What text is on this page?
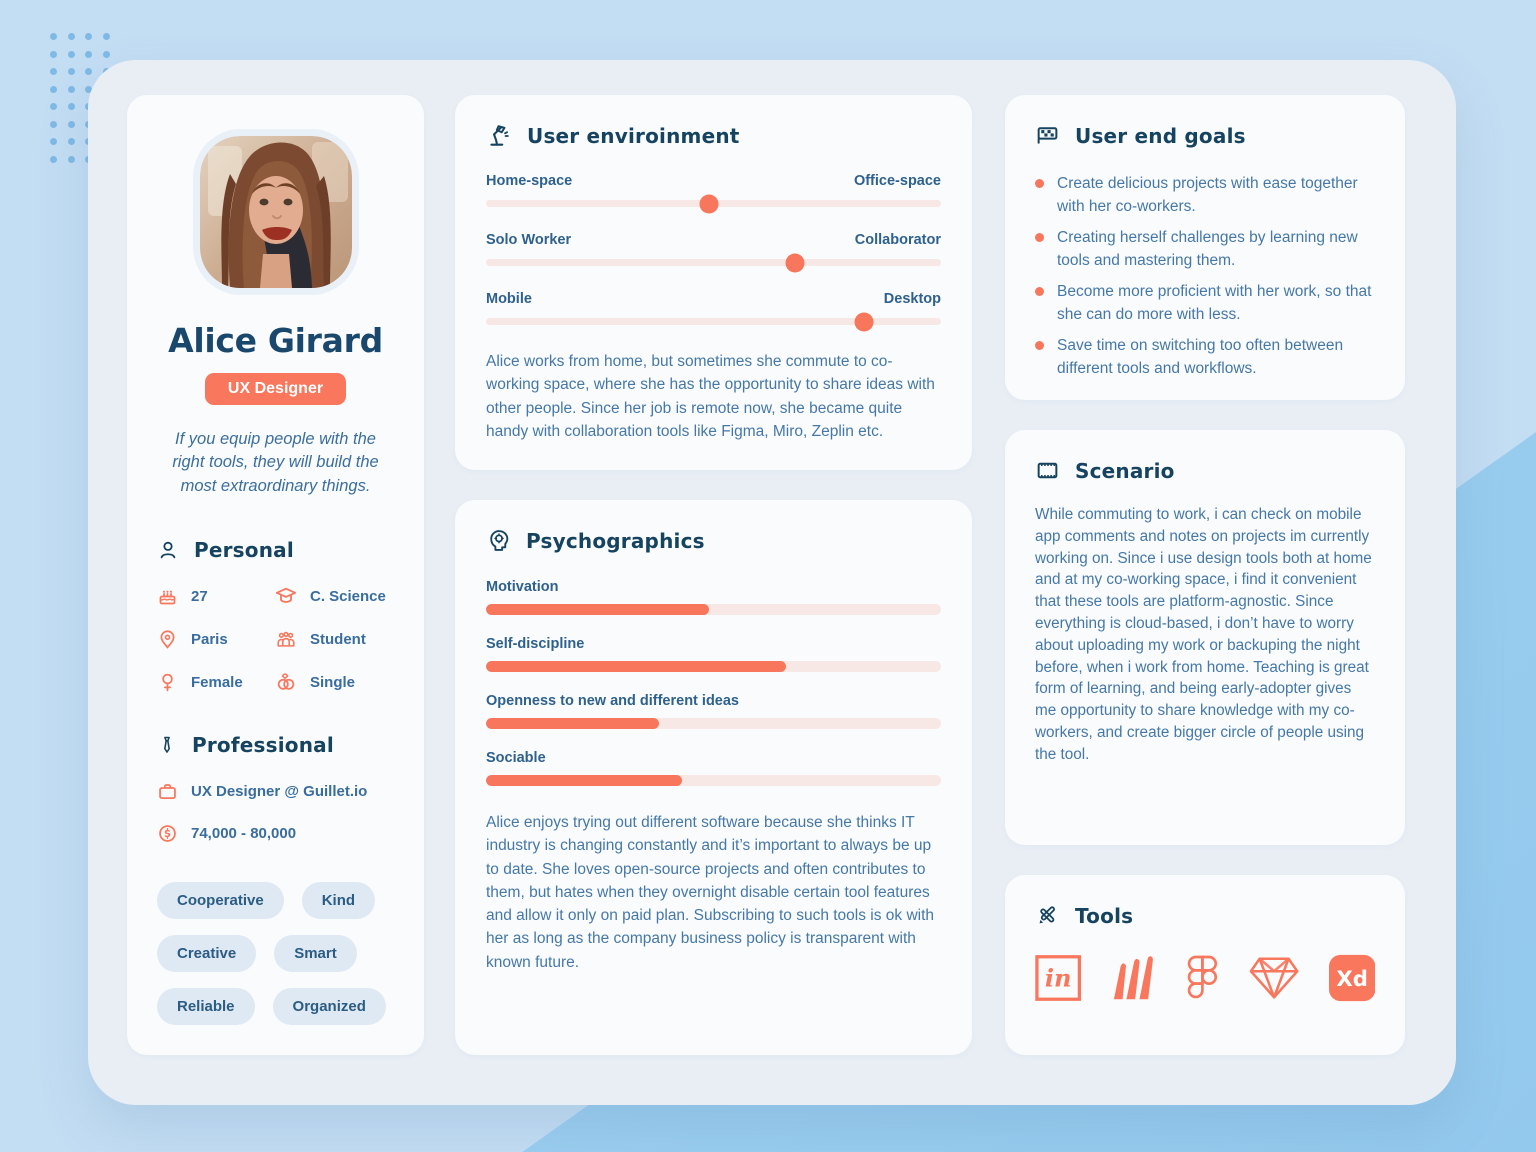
Alice Girard
UX Designer
If you equip people with the right tools, they will build the most extraordinary things.
Personal
27	C. Science
Paris	Student
Female	Single
Professional
UX Designer @ Guillet.io
S 74,000 - 80,000
Cooperative	Kind
Creative	Smart
Reliable	Organized
User enviroinment
Home-space	Office-space
Solo Worker	Collaborator
Mobile	Desktop

Alice works from home, but sometimes she commute to co-working space, where she has the opportunity to share ideas with other people. Since her job is remote now, she became quite handy with collaboration tools like Figma, Miro, Zeplin etc.

Psychographics
Motivation
Self-discipline
Openness to new and different ideas
Sociable

Alice enjoys trying out different software because she thinks IT industry is changing constantly and it’s important to always be up to date. She loves open-source projects and often contributes to them, but hates when they overnight disable certain tool features and allow it only on paid plan. Subscribing to such tools is ok with her as long as the company business policy is transparent with known future.

User end goals
Create delicious projects with ease together with her co-workers.
Creating herself challenges by learning new tools and mastering them.
Become more proficient with her work, so that she can do more with less.
Save time on switching too often between different tools and workflows.
Scenario

While commuting to work, i can check on mobile app comments and notes on projects im currently working on. Since i use design tools both at home and at my co-working space, i find it convenient that these tools are platform-agnostic. Since everything is cloud-based, i don’t have to worry about uploading my work or backuping the night before, when i work from home. Teaching is great form of learning, and being early-adopter gives me opportunity to share knowledge with my co-workers, and create bigger circle of people using the tool.

Tools
in	Xd
